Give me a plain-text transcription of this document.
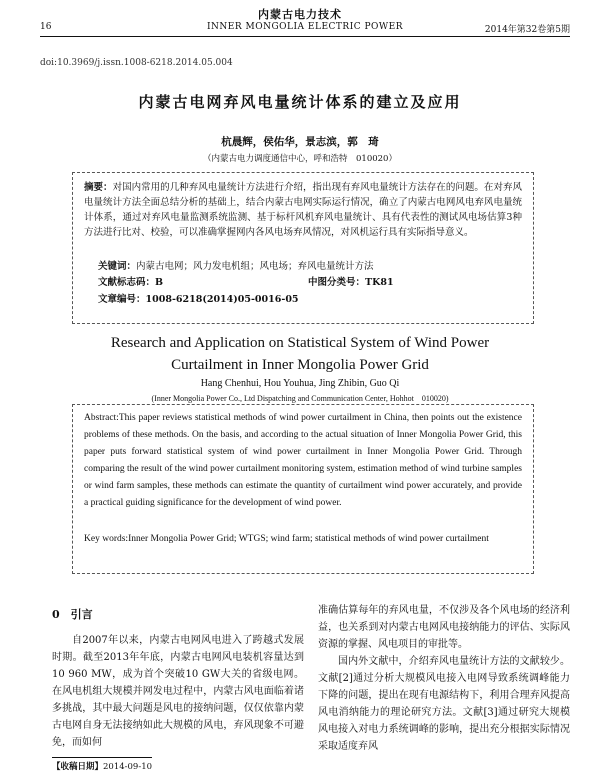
内蒙古电力技术
16	INNER MONGOLIA ELECTRIC POWER	2014年第32卷第5期
doi:10.3969/j.issn.1008-6218.2014.05.004
内蒙古电网弃风电量统计体系的建立及应用
杭晨辉，侯佑华，景志滨，郭　琦
（内蒙古电力调度通信中心，呼和浩特　010020）
摘要：对国内常用的几种弃风电量统计方法进行介绍，指出现有弃风电量统计方法存在的问题。在对弃风电量统计方法全面总结分析的基础上，结合内蒙古电网实际运行情况，确立了内蒙古电网风电弃风电量统计体系，通过对弃风电量监测系统监测、基于标杆风机弃风电量统计、具有代表性的测试风电场估算3种方法进行比对、校验，可以准确掌握网内各风电场弃风情况，对风机运行具有实际指导意义。
关键词：内蒙古电网；风力发电机组；风电场；弃风电量统计方法
文献标志码：B	中图分类号：TK81
文章编号：1008-6218(2014)05-0016-05
Research and Application on Statistical System of Wind Power
Curtailment in Inner Mongolia Power Grid
Hang Chenhui, Hou Youhua, Jing Zhibin, Guo Qi
(Inner Mongolia Power Co., Ltd Dispatching and Communication Center, Hohhot　010020)
Abstract:This paper reviews statistical methods of wind power curtailment in China, then points out the existence problems of these methods. On the basis, and according to the actual situation of Inner Mongolia Power Grid, this paper puts forward statistical system of wind power curtailment in Inner Mongolia Power Grid. Through comparing the result of the wind power curtailment monitoring system, estimation method of wind turbine samples or wind farm samples, these methods can estimate the quantity of curtailment wind power accurately, and provide a practical guiding significance for the development of wind power.
Key words:Inner Mongolia Power Grid; WTGS; wind farm; statistical methods of wind power curtailment
0　引言

自2007年以来，内蒙古电网风电进入了跨越式发展时期。截至2013年年底，内蒙古电网风电装机容量达到10 960 MW，成为首个突破10 GW大关的省级电网。在风电机组大规模并网发电过程中，内蒙古风电面临着诸多挑战，其中最大问题是风电的接纳问题，仅仅依靠内蒙古电网自身无法接纳如此大规模的风电，弃风现象不可避免，而如何

准确估算每年的弃风电量，不仅涉及各个风电场的经济利益，也关系到对内蒙古电网风电接纳能力的评估、实际风资源的掌握、风电项目的审批等。

国内外文献中，介绍弃风电量统计方法的文献较少。文献[2]通过分析大规模风电接入电网导致系统调峰能力下降的问题，提出在现有电源结构下，利用合理弃风提高风电消纳能力的理论研究方法。文献[3]通过研究大规模风电接入对电力系统调峰的影响，提出充分根据实际情况采取适度弃风

【收稿日期】2014-09-10
